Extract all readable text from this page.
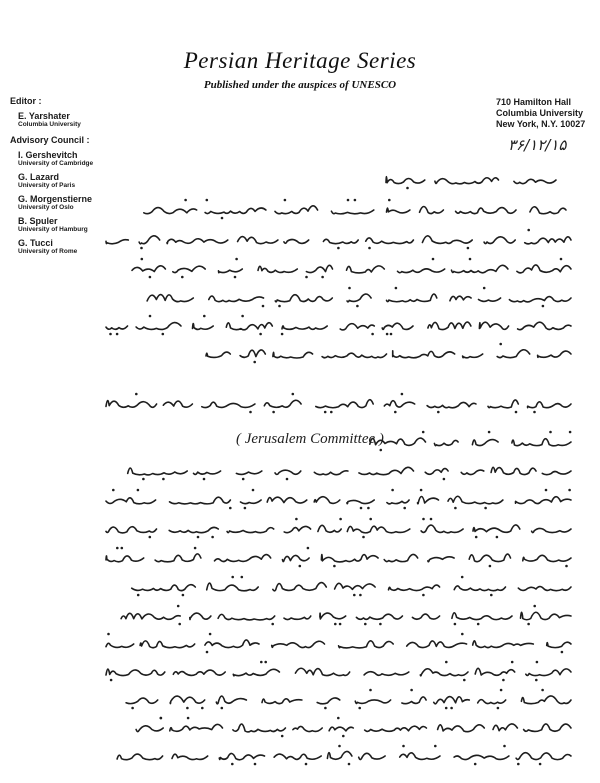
Persian Heritage Series
Published under the auspices of UNESCO
Editor :
E. Yarshater
Columbia University
Advisory Council :
I. Gershevitch
University of Cambridge
G. Lazard
University of Paris
G. Morgenstierne
University of Oslo
B. Spuler
University of Hamburg
G. Tucci
University of Rome
710 Hamilton Hall
Columbia University
New York, N.Y. 10027
۳۶/۱۲/۱۵
( Jerusalem Committee )
